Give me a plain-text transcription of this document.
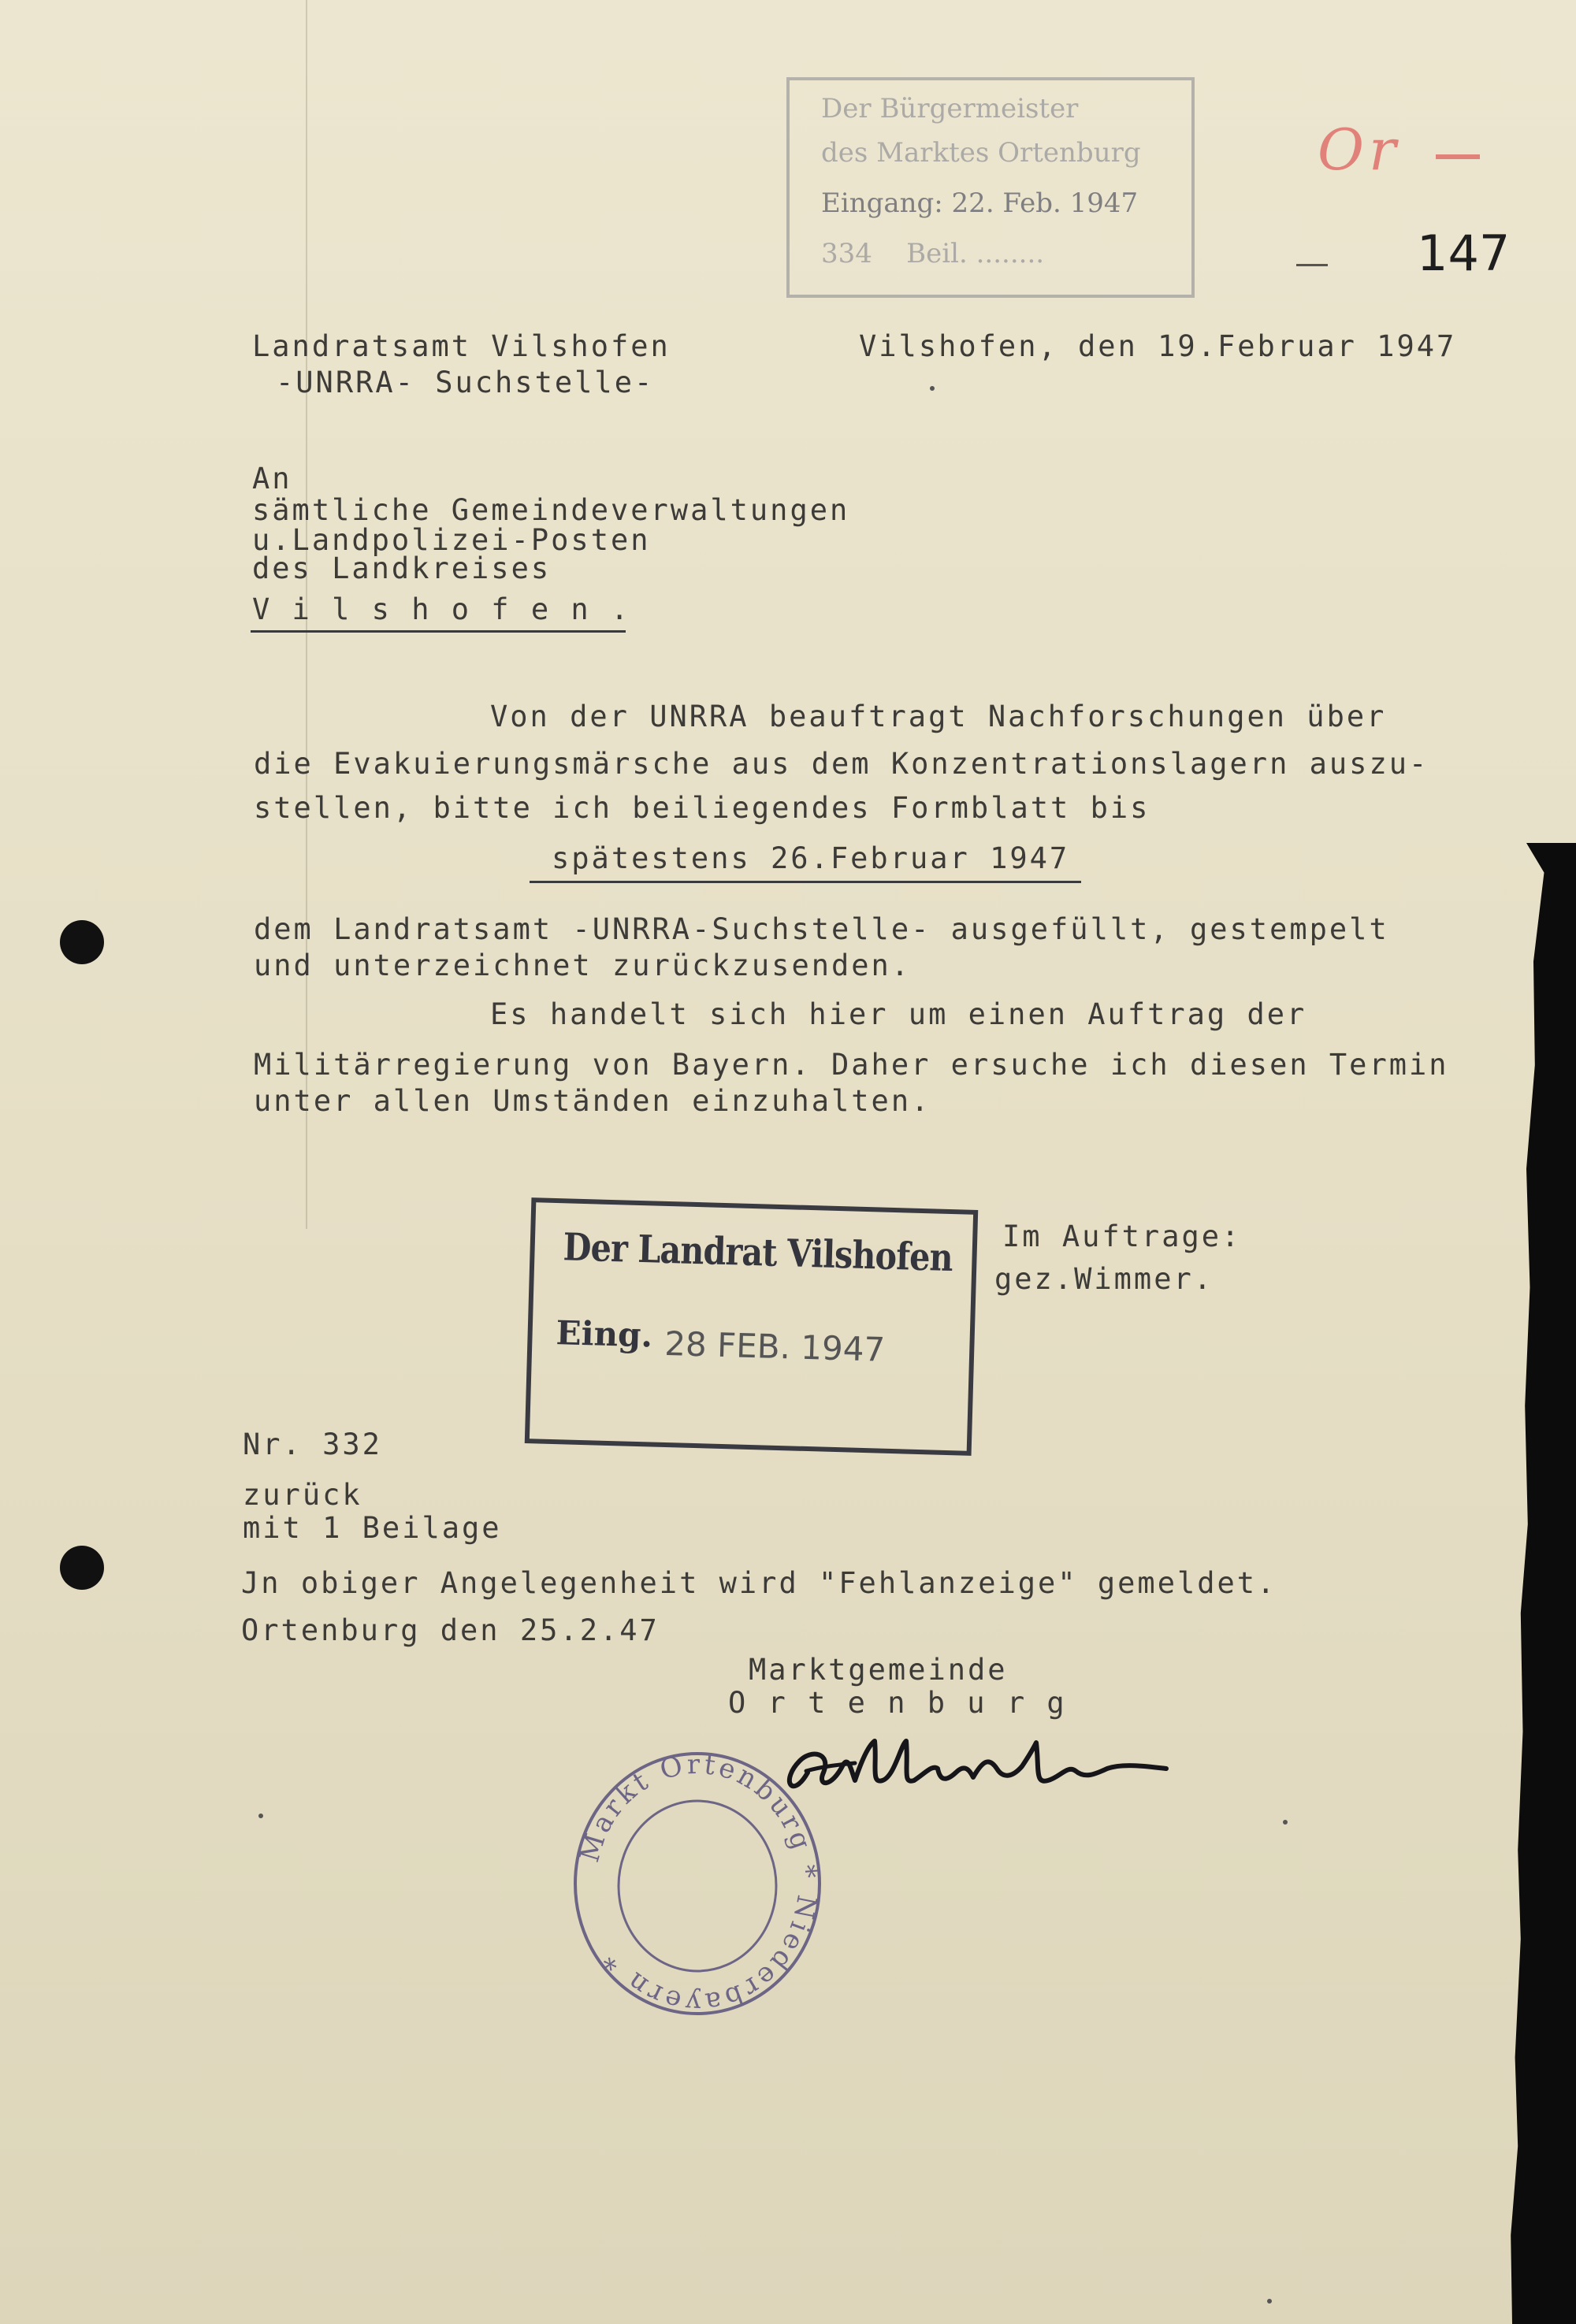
Der Bürgermeister
des Marktes Ortenburg
Eingang: 22. Feb. 1947
334    Beil. ........
Or
147
Landratsamt Vilshofen
-UNRRA- Suchstelle-
Vilshofen, den 19.Februar 1947
An
sämtliche Gemeindeverwaltungen
u.Landpolizei-Posten
des Landkreises
V i l s h o f e n .
Von der UNRRA beauftragt Nachforschungen über
die Evakuierungsmärsche aus dem Konzentrationslagern auszu-
stellen, bitte ich beiliegendes Formblatt bis
spätestens 26.Februar 1947
dem Landratsamt -UNRRA-Suchstelle- ausgefüllt, gestempelt
und unterzeichnet zurückzusenden.
Es handelt sich hier um einen Auftrag der
Militärregierung von Bayern. Daher ersuche ich diesen Termin
unter allen Umständen einzuhalten.
Der Landrat Vilshofen
Eing. 28 FEB. 1947
Im Auftrage:
gez.Wimmer.
Nr. 332
zurück
mit 1 Beilage
Jn obiger Angelegenheit wird "Fehlanzeige" gemeldet.
Ortenburg den 25.2.47
Marktgemeinde
O r t e n b u r g
Markt Ortenburg * Niederbayern *
